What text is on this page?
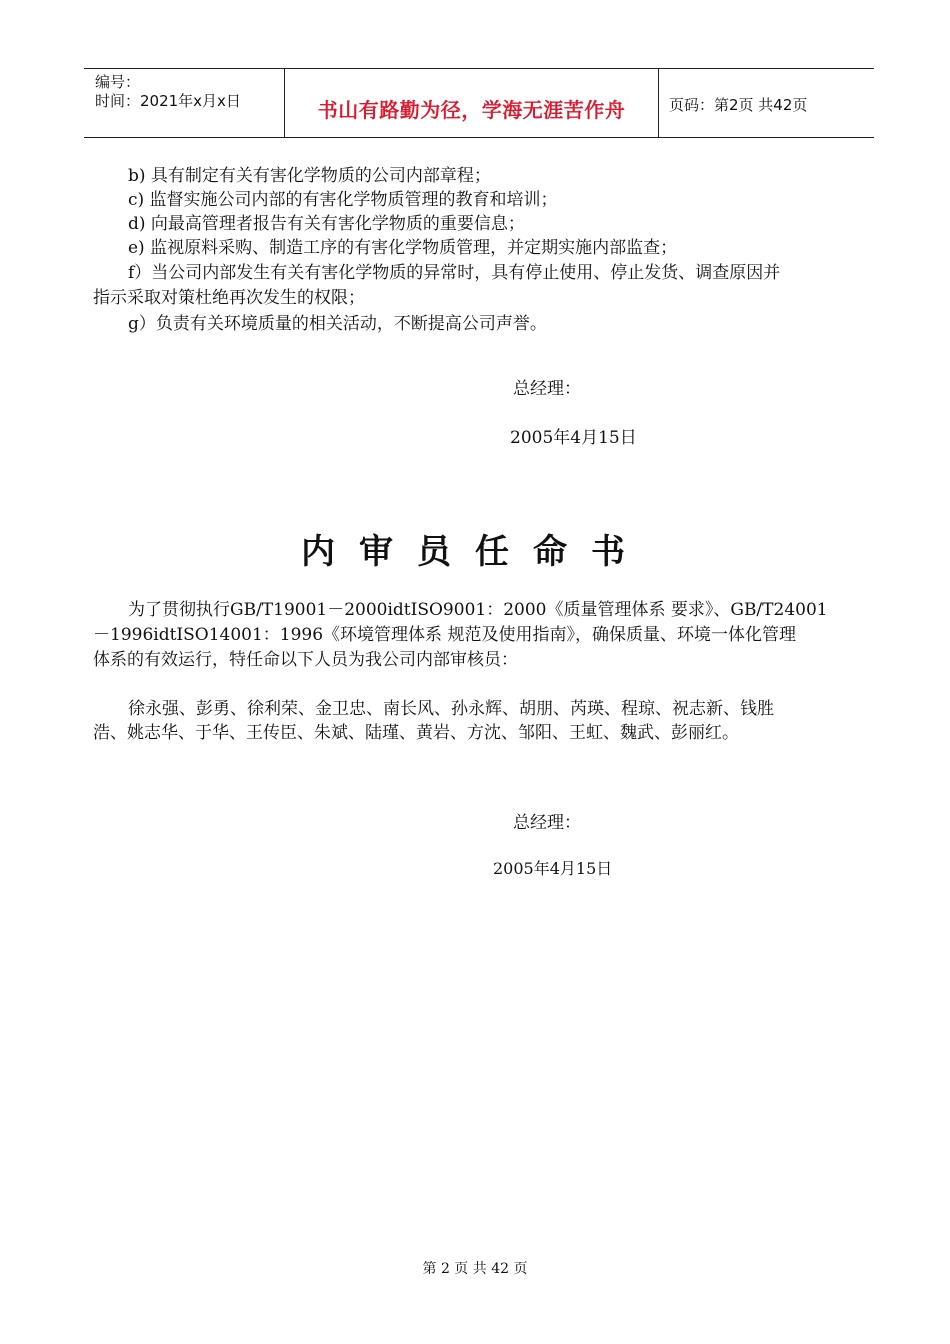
编号：
时间：2021年x月x日	书山有路勤为径，学海无涯苦作舟	页码：第2页 共42页
b) 具有制定有关有害化学物质的公司内部章程；
c) 监督实施公司内部的有害化学物质管理的教育和培训；
d) 向最高管理者报告有关有害化学物质的重要信息；
e) 监视原料采购、制造工序的有害化学物质管理，并定期实施内部监查；
f）当公司内部发生有关有害化学物质的异常时，具有停止使用、停止发货、调查原因并
指示采取对策杜绝再次发生的权限；
g）负责有关环境质量的相关活动，不断提高公司声誉。
总经理：
2005年4月15日
内审员任命书
为了贯彻执行GB/T19001－2000idtISO9001：2000《质量管理体系 要求》、GB/T24001
－1996idtISO14001：1996《环境管理体系 规范及使用指南》，确保质量、环境一体化管理
体系的有效运行，特任命以下人员为我公司内部审核员：
徐永强、彭勇、徐利荣、金卫忠、南长风、孙永辉、胡朋、芮瑛、程琼、祝志新、钱胜
浩、姚志华、于华、王传臣、朱斌、陆瑾、黄岩、方沈、邹阳、王虹、魏武、彭丽红。
总经理：
2005年4月15日
第 2 页 共 42 页
